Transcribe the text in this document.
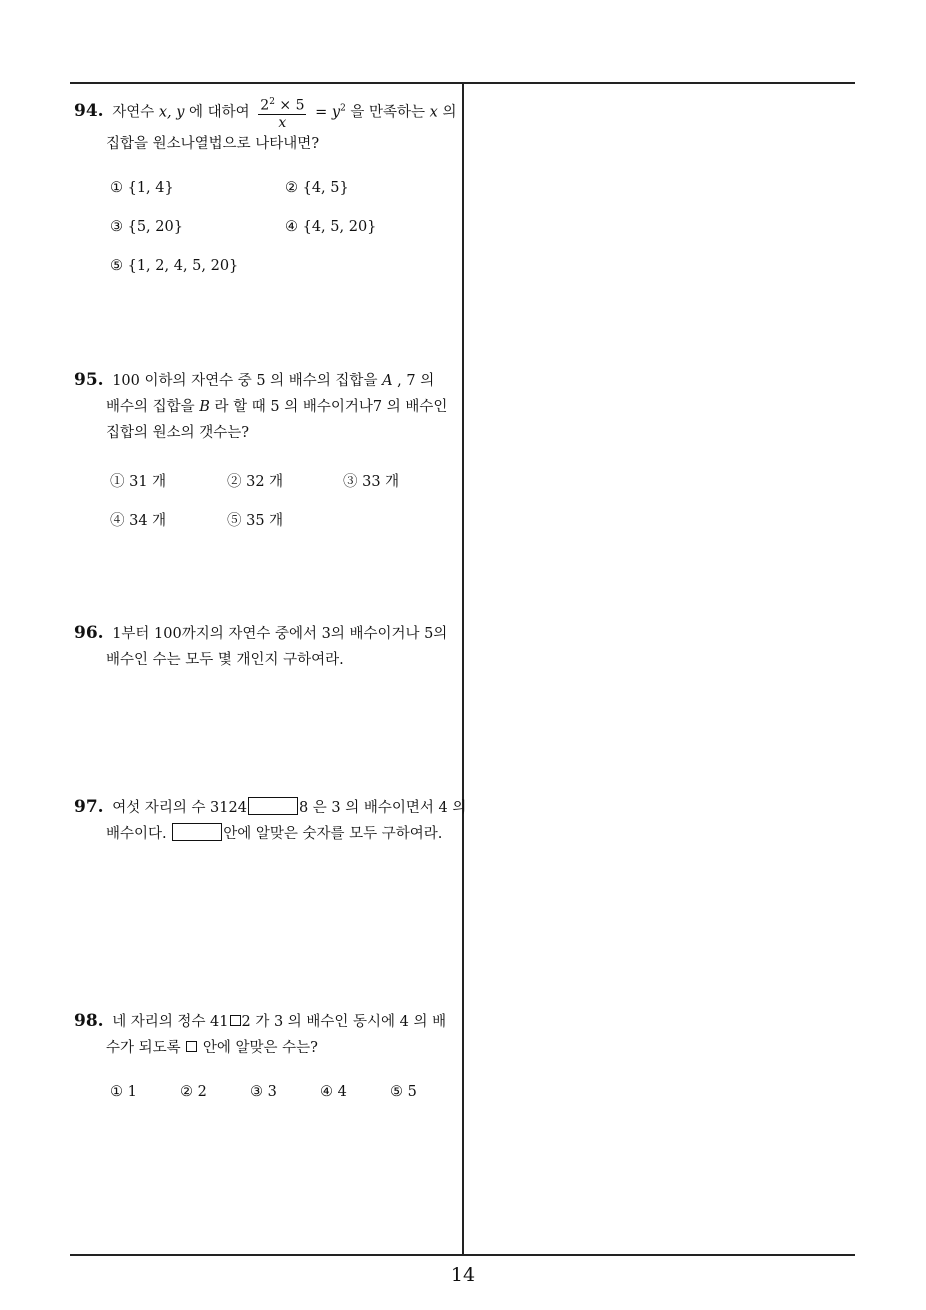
94. 자연수 x, y 에 대하여 $\frac{2^2 \times 5}{x} = y^2$ 을 만족하는 x 의
집합을 원소나열법으로 나타내면?
① {1, 4}	② {4, 5}
③ {5, 20}	④ {4, 5, 20}
⑤ {1, 2, 4, 5, 20}
95. 100 이하의 자연수 중 5 의 배수의 집합을 A , 7 의
배수의 집합을 B 라 할 때 5 의 배수이거나7 의 배수인
집합의 원소의 갯수는?
① 31 개	② 32 개	③ 33 개
④ 34 개	⑤ 35 개
96. 1부터 100까지의 자연수 중에서 3의 배수이거나 5의
배수인 수는 모두 몇 개인지 구하여라.
97. 여섯 자리의 수 3124	8 은 3 의 배수이면서 4 의
배수이다.	안에 알맞은 숫자를 모두 구하여라.
98. 네 자리의 정수 41 2 가 3 의 배수인 동시에 4 의 배
수가 되도록 안에 알맞은 수는?
① 1	② 2	③ 3	④ 4	⑤ 5
14
